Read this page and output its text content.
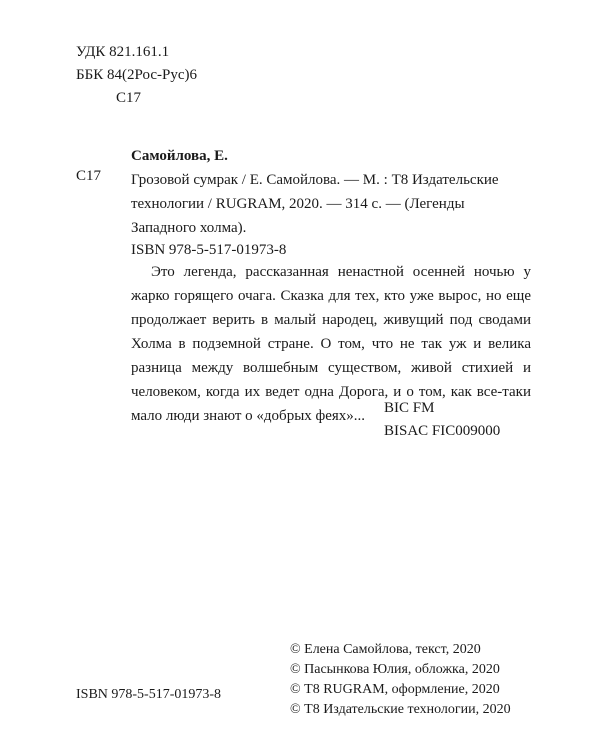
УДК 821.161.1
ББК 84(2Рос-Рус)6
С17
Самойлова, Е.
С17 Грозовой сумрак / Е. Самойлова. — М. : Т8 Издательские технологии / RUGRAM, 2020. — 314 с. — (Легенды Западного холма).
ISBN 978-5-517-01973-8
Это легенда, рассказанная ненастной осенней ночью у жарко горящего очага. Сказка для тех, кто уже вырос, но еще продолжает верить в малый народец, живущий под сводами Холма в подземной стране. О том, что не так уж и велика разница между волшебным существом, живой стихией и человеком, когда их ведет одна Дорога, и о том, как все-таки мало люди знают о «добрых феях»...	BIC FM
BISAC FIC009000
© Елена Самойлова, текст, 2020
© Пасынкова Юлия, обложка, 2020
© Т8 RUGRAM, оформление, 2020
© Т8 Издательские технологии, 2020
ISBN 978-5-517-01973-8
